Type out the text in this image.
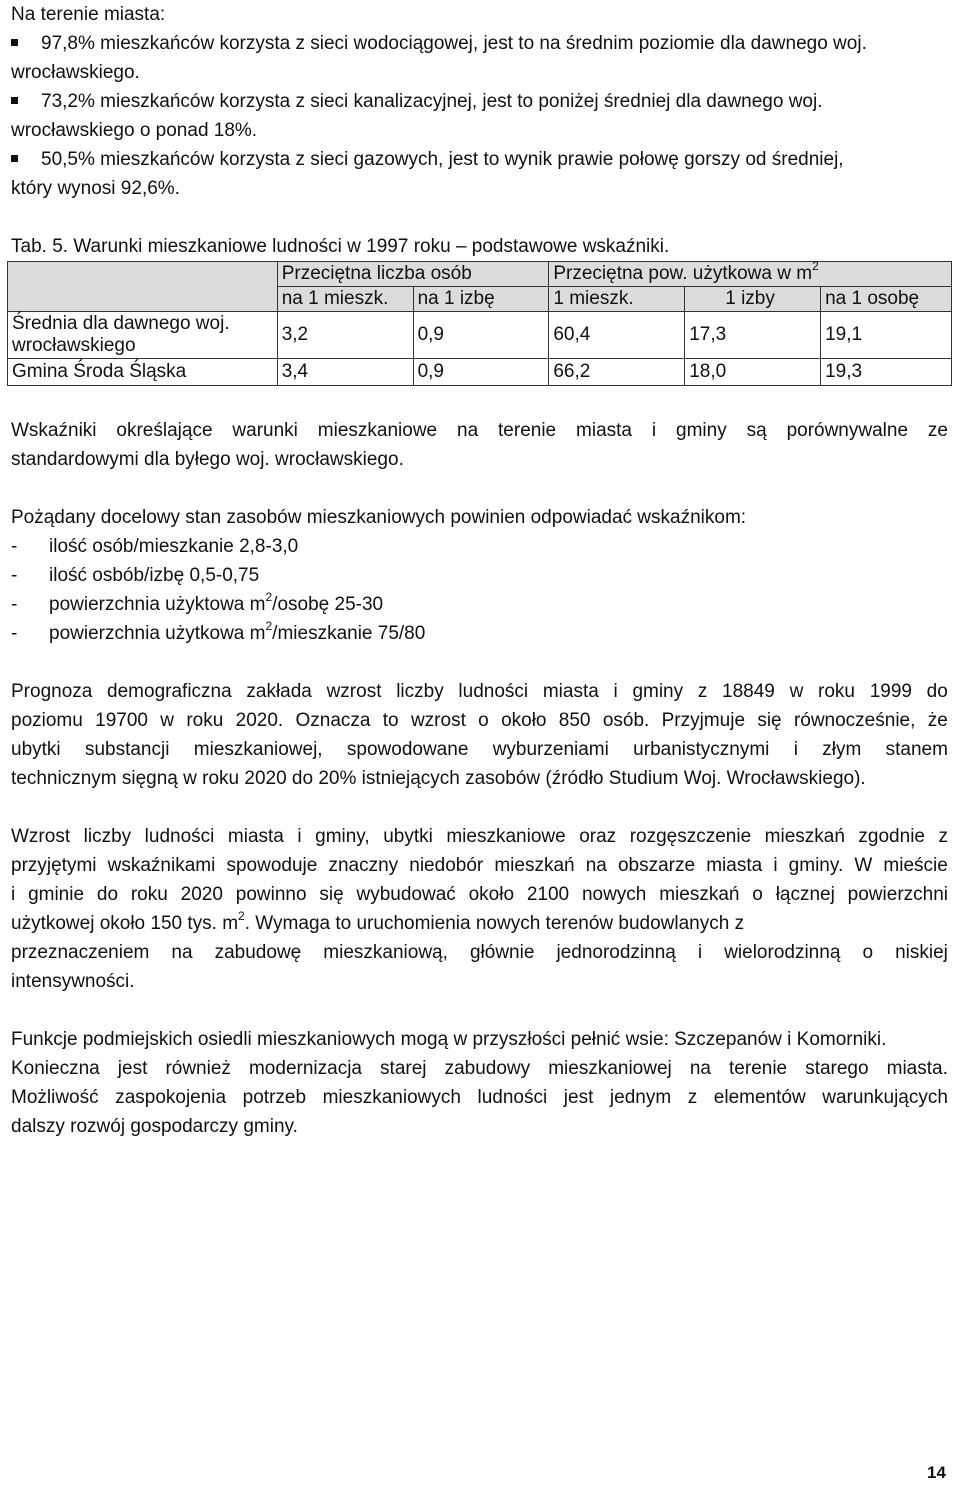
Na terenie miasta:
97,8% mieszkańców korzysta z sieci wodociągowej, jest to na średnim poziomie dla dawnego woj.
wrocławskiego.
73,2% mieszkańców korzysta z sieci kanalizacyjnej, jest to poniżej średniej dla dawnego woj.
wrocławskiego o ponad 18%.
50,5% mieszkańców korzysta z sieci gazowych, jest to wynik prawie połowę gorszy od średniej,
który wynosi 92,6%.
Tab. 5. Warunki mieszkaniowe ludności w 1997 roku – podstawowe wskaźniki.
	Przeciętna liczba osób		Przeciętna pow. użytkowa w $m^2$
	na 1 mieszk.	na 1 izbę	1 mieszk.	1 izby	na 1 osobę

Średnia dla dawnego woj.
wrocławskiego	3,2	0,9	60,4	17,3	19,1
Gmina Środa Śląska	3,4	0,9	66,2	18,0	19,3
Wskaźniki określające warunki mieszkaniowe na terenie miasta i gminy są porównywalne ze
standardowymi dla byłego woj. wrocławskiego.
Pożądany docelowy stan zasobów mieszkaniowych powinien odpowiadać wskaźnikom:
- ilość osób/mieszkanie 2,8-3,0
- ilość osbób/izbę 0,5-0,75
- powierzchnia użyktowa $m^2$/osobę 25-30
- powierzchnia użytkowa $m^2$/mieszkanie 75/80
Prognoza demograficzna zakłada wzrost liczby ludności miasta i gminy z 18849 w roku 1999 do
poziomu 19700 w roku 2020. Oznacza to wzrost o około 850 osób. Przyjmuje się równocześnie, że
ubytki substancji mieszkaniowej, spowodowane wyburzeniami urbanistycznymi i złym stanem
technicznym sięgną w roku 2020 do 20% istniejących zasobów (źródło Studium Woj. Wrocławskiego).
Wzrost liczby ludności miasta i gminy, ubytki mieszkaniowe oraz rozgęszczenie mieszkań zgodnie z
przyjętymi wskaźnikami spowoduje znaczny niedobór mieszkań na obszarze miasta i gminy. W mieście
i gminie do roku 2020 powinno się wybudować około 2100 nowych mieszkań o łącznej powierzchni
użytkowej około 150 tys. $m^2$. Wymaga to uruchomienia nowych terenów budowlanych z
przeznaczeniem na zabudowę mieszkaniową, głównie jednorodzinną i wielorodzinną o niskiej
intensywności.
Funkcje podmiejskich osiedli mieszkaniowych mogą w przyszłości pełnić wsie: Szczepanów i Komorniki.
Konieczna jest również modernizacja starej zabudowy mieszkaniowej na terenie starego miasta.
Możliwość zaspokojenia potrzeb mieszkaniowych ludności jest jednym z elementów warunkujących
dalszy rozwój gospodarczy gminy.
14
